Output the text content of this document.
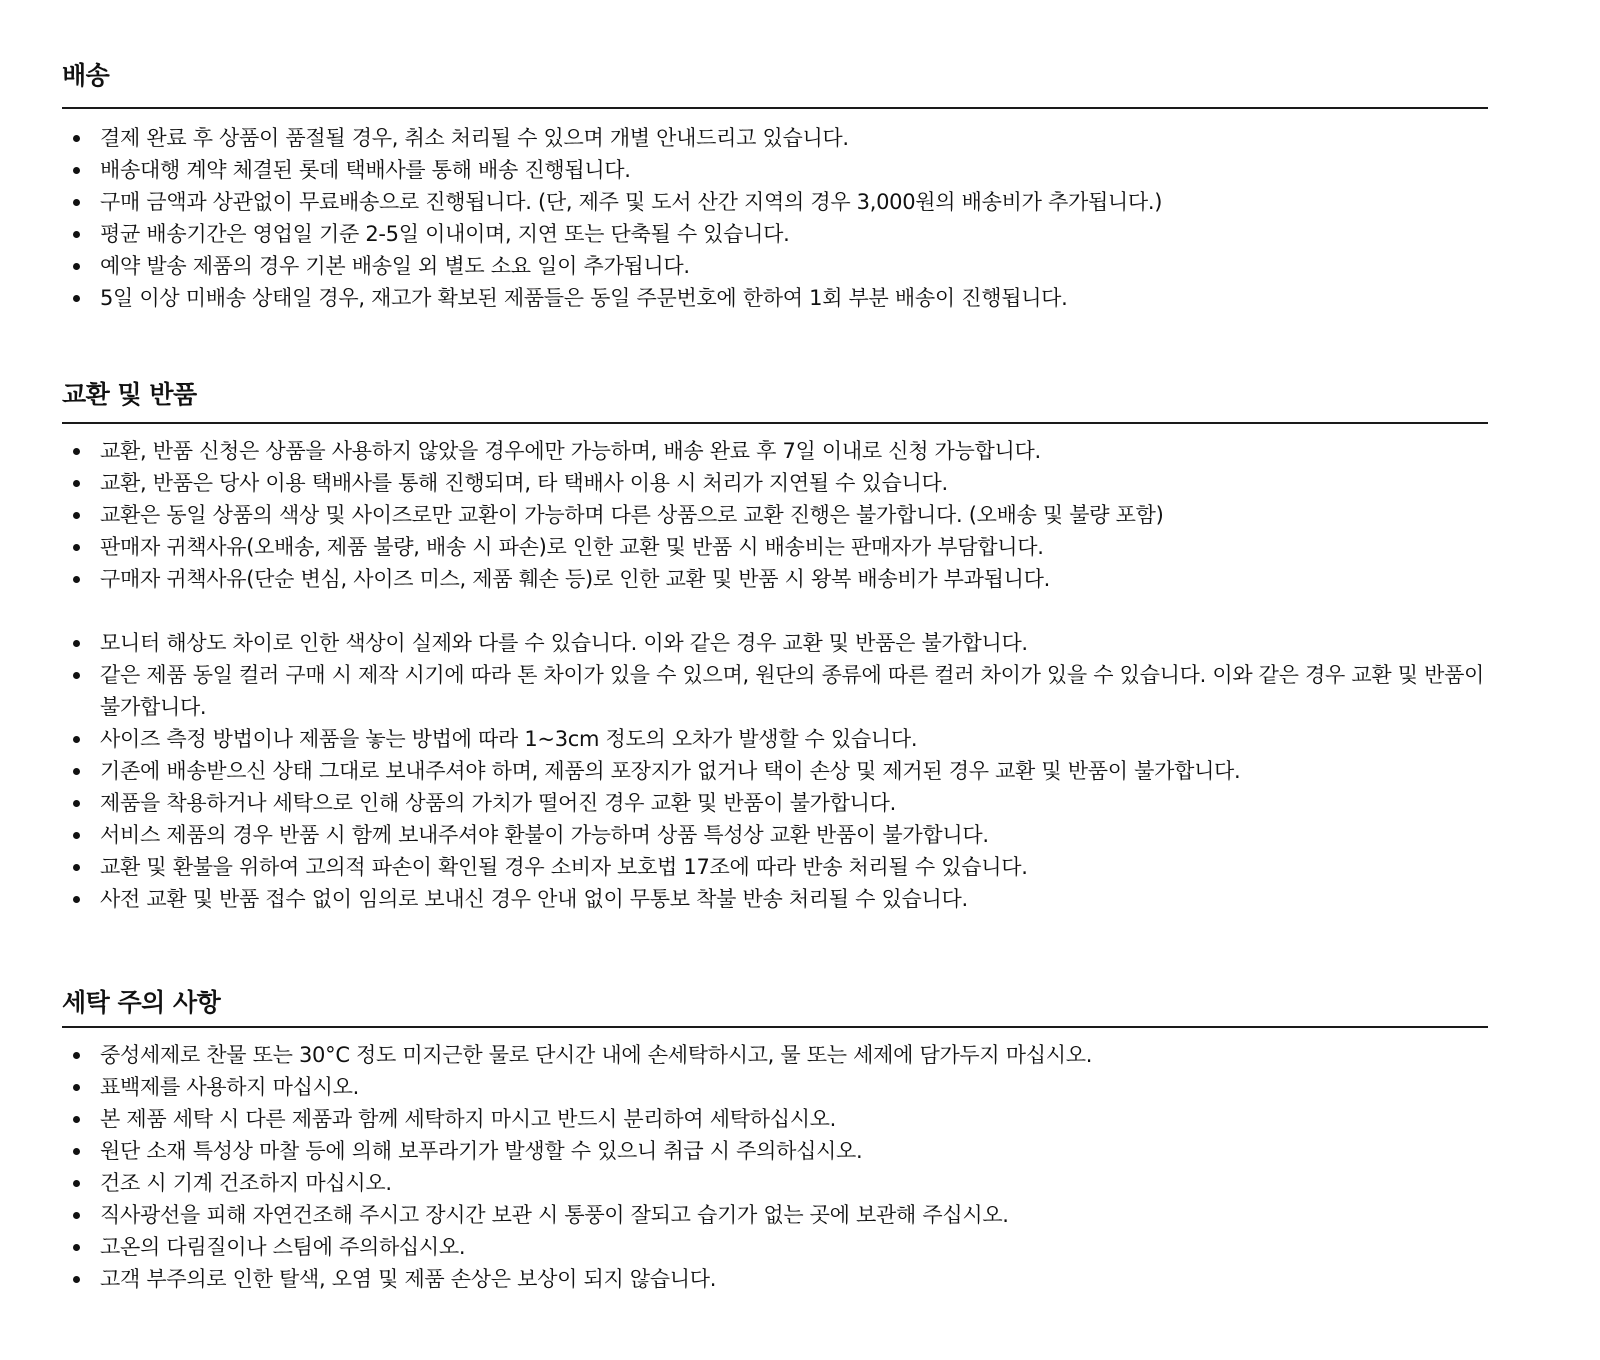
배송
결제 완료 후 상품이 품절될 경우, 취소 처리될 수 있으며 개별 안내드리고 있습니다.
배송대행 계약 체결된 롯데 택배사를 통해 배송 진행됩니다.
구매 금액과 상관없이 무료배송으로 진행됩니다. (단, 제주 및 도서 산간 지역의 경우 3,000원의 배송비가 추가됩니다.)
평균 배송기간은 영업일 기준 2-5일 이내이며, 지연 또는 단축될 수 있습니다.
예약 발송 제품의 경우 기본 배송일 외 별도 소요 일이 추가됩니다.
5일 이상 미배송 상태일 경우, 재고가 확보된 제품들은 동일 주문번호에 한하여 1회 부분 배송이 진행됩니다.
교환 및 반품
교환, 반품 신청은 상품을 사용하지 않았을 경우에만 가능하며, 배송 완료 후 7일 이내로 신청 가능합니다.
교환, 반품은 당사 이용 택배사를 통해 진행되며, 타 택배사 이용 시 처리가 지연될 수 있습니다.
교환은 동일 상품의 색상 및 사이즈로만 교환이 가능하며 다른 상품으로 교환 진행은 불가합니다. (오배송 및 불량 포함)
판매자 귀책사유(오배송, 제품 불량, 배송 시 파손)로 인한 교환 및 반품 시 배송비는 판매자가 부담합니다.
구매자 귀책사유(단순 변심, 사이즈 미스, 제품 훼손 등)로 인한 교환 및 반품 시 왕복 배송비가 부과됩니다.
모니터 해상도 차이로 인한 색상이 실제와 다를 수 있습니다. 이와 같은 경우 교환 및 반품은 불가합니다.
같은 제품 동일 컬러 구매 시 제작 시기에 따라 톤 차이가 있을 수 있으며, 원단의 종류에 따른 컬러 차이가 있을 수 있습니다. 이와 같은 경우 교환 및 반품이 불가합니다.
사이즈 측정 방법이나 제품을 놓는 방법에 따라 1~3cm 정도의 오차가 발생할 수 있습니다.
기존에 배송받으신 상태 그대로 보내주셔야 하며, 제품의 포장지가 없거나 택이 손상 및 제거된 경우 교환 및 반품이 불가합니다.
제품을 착용하거나 세탁으로 인해 상품의 가치가 떨어진 경우 교환 및 반품이 불가합니다.
서비스 제품의 경우 반품 시 함께 보내주셔야 환불이 가능하며 상품 특성상 교환 반품이 불가합니다.
교환 및 환불을 위하여 고의적 파손이 확인될 경우 소비자 보호법 17조에 따라 반송 처리될 수 있습니다.
사전 교환 및 반품 접수 없이 임의로 보내신 경우 안내 없이 무통보 착불 반송 처리될 수 있습니다.
세탁 주의 사항
중성세제로 찬물 또는 30°C 정도 미지근한 물로 단시간 내에 손세탁하시고, 물 또는 세제에 담가두지 마십시오.
표백제를 사용하지 마십시오.
본 제품 세탁 시 다른 제품과 함께 세탁하지 마시고 반드시 분리하여 세탁하십시오.
원단 소재 특성상 마찰 등에 의해 보푸라기가 발생할 수 있으니 취급 시 주의하십시오.
건조 시 기계 건조하지 마십시오.
직사광선을 피해 자연건조해 주시고 장시간 보관 시 통풍이 잘되고 습기가 없는 곳에 보관해 주십시오.
고온의 다림질이나 스팀에 주의하십시오.
고객 부주의로 인한 탈색, 오염 및 제품 손상은 보상이 되지 않습니다.
